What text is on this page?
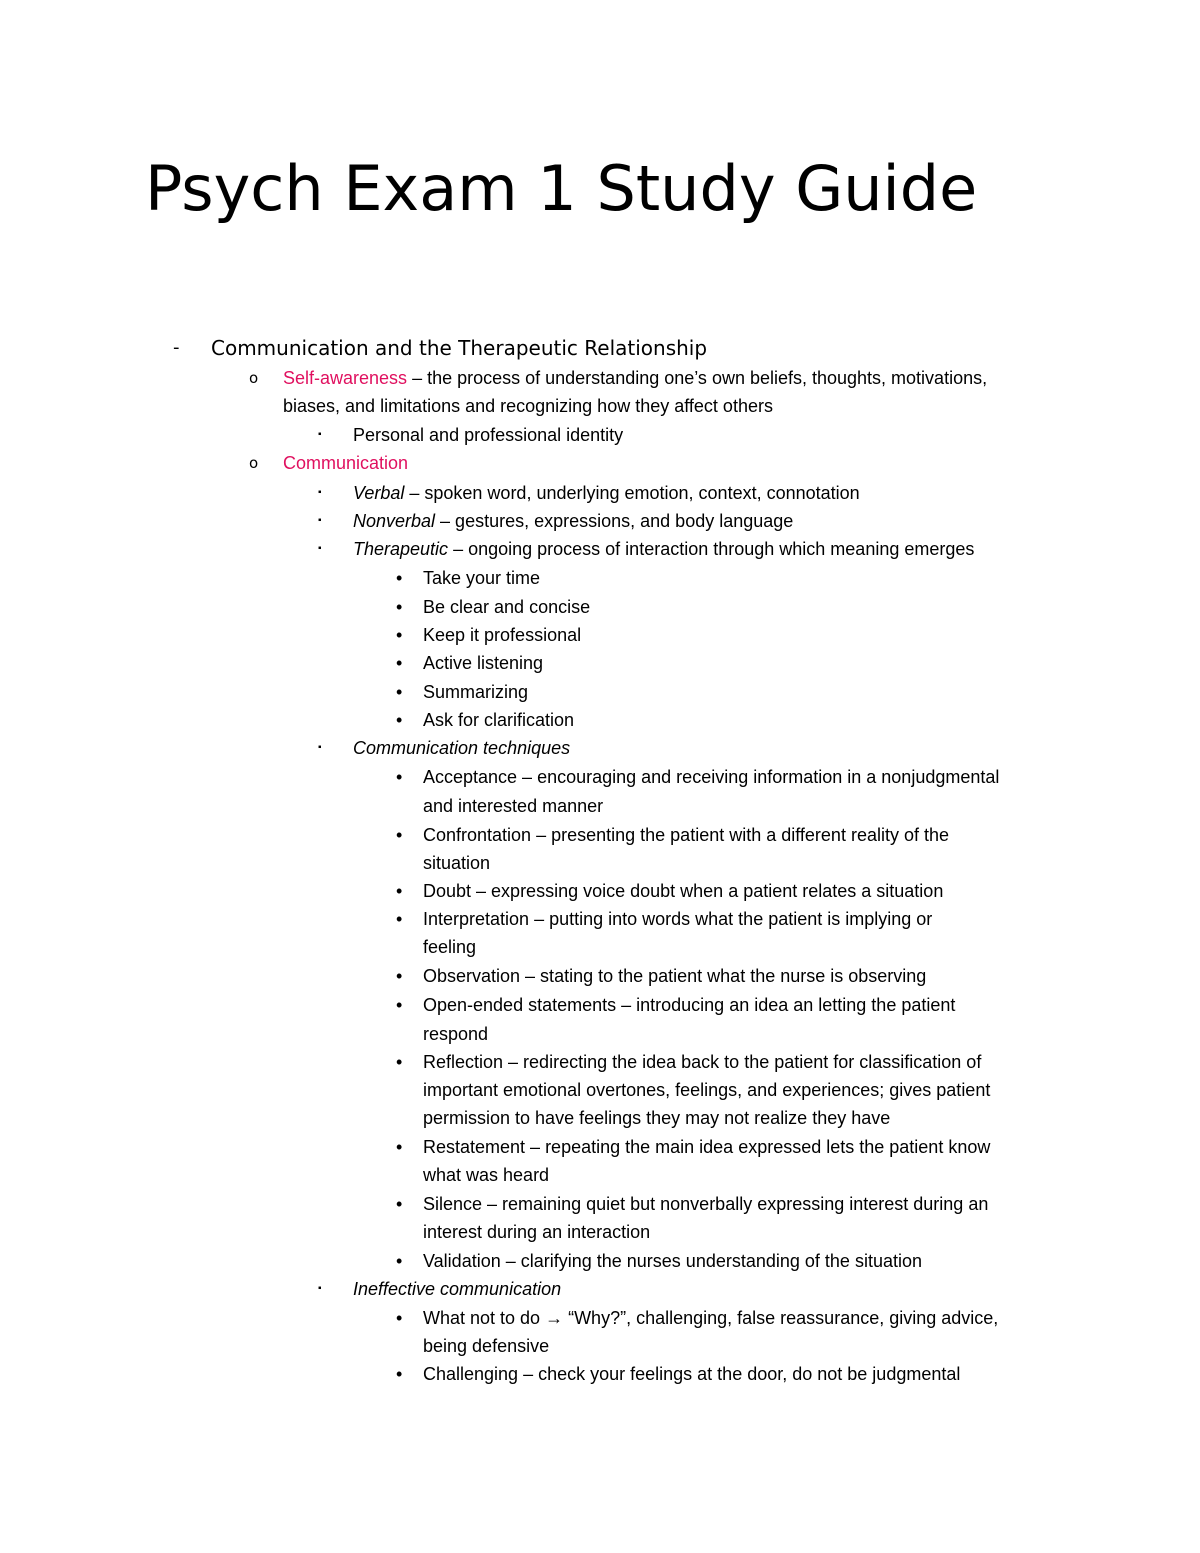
Psych Exam 1 Study Guide
- Communication and the Therapeutic Relationship
o Self-awareness – the process of understanding one’s own beliefs, thoughts, motivations,
biases, and limitations and recognizing how they affect others
▪ Personal and professional identity
o Communication
▪ Verbal – spoken word, underlying emotion, context, connotation
▪ Nonverbal – gestures, expressions, and body language
▪ Therapeutic – ongoing process of interaction through which meaning emerges
• Take your time
• Be clear and concise
• Keep it professional
• Active listening
• Summarizing
• Ask for clarification
▪ Communication techniques
• Acceptance – encouraging and receiving information in a nonjudgmental
and interested manner
• Confrontation – presenting the patient with a different reality of the
situation
• Doubt – expressing voice doubt when a patient relates a situation
• Interpretation – putting into words what the patient is implying or
feeling
• Observation – stating to the patient what the nurse is observing
• Open-ended statements – introducing an idea an letting the patient
respond
• Reflection – redirecting the idea back to the patient for classification of
important emotional overtones, feelings, and experiences; gives patient
permission to have feelings they may not realize they have
• Restatement – repeating the main idea expressed lets the patient know
what was heard
• Silence – remaining quiet but nonverbally expressing interest during an
interest during an interaction
• Validation – clarifying the nurses understanding of the situation
▪ Ineffective communication
• What not to do → “Why?”, challenging, false reassurance, giving advice,
being defensive
• Challenging – check your feelings at the door, do not be judgmental
